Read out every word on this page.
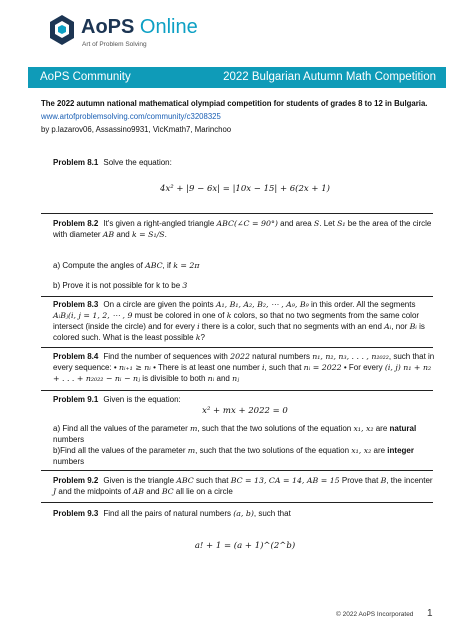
AoPS Online
Art of Problem Solving
AoPS Community	2022 Bulgarian Autumn Math Competition
The 2022 autumn national mathematical olympiad competition for students of grades 8 to 12 in Bulgaria.
www.artofproblemsolving.com/community/c3208325
by p.lazarov06, Assassino9931, VicKmath7, Marinchoo

Problem 8.1 Solve the equation:

4x² + |9 − 6x| = |10x − 15| + 6(2x + 1)

Problem 8.2 It's given a right-angled triangle ABC(∠C = 90°) and area S. Let S₁ be the area of the circle with diameter AB and k = S₁/S.

a) Compute the angles of ABC, if k = 2π

b) Prove it is not possible for k to be 3

Problem 8.3 On a circle are given the points A₁, B₁, A₂, B₂, ⋯ , A₉, B₉ in this order. All the segments AᵢBⱼ(i, j = 1, 2, ⋯ , 9 must be colored in one of k colors, so that no two segments from the same color intersect (inside the circle) and for every i there is a color, such that no segments with an end Aᵢ, nor Bᵢ is colored such. What is the least possible k?

Problem 8.4 Find the number of sequences with 2022 natural numbers n₁, n₂, n₃, . . . , n₂₀₂₂, such that in every sequence: • nᵢ₊₁ ≥ nᵢ • There is at least one number i, such that nᵢ = 2022 • For every (i, j) n₁ + n₂ + . . . + n₂₀₂₂ − nᵢ − nⱼ is divisible to both nᵢ and nⱼ

Problem 9.1 Given is the equation:

x² + mx + 2022 = 0

a) Find all the values of the parameter m, such that the two solutions of the equation x₁, x₂ are natural numbers

b)Find all the values of the parameter m, such that the two solutions of the equation x₁, x₂ are integer numbers

Problem 9.2 Given is the triangle ABC such that BC = 13, CA = 14, AB = 15 Prove that B, the incenter J and the midpoints of AB and BC all lie on a circle

Problem 9.3 Find all the pairs of natural numbers (a, b), such that

a! + 1 = (a + 1)^(2^b)

© 2022 AoPS Incorporated 1
